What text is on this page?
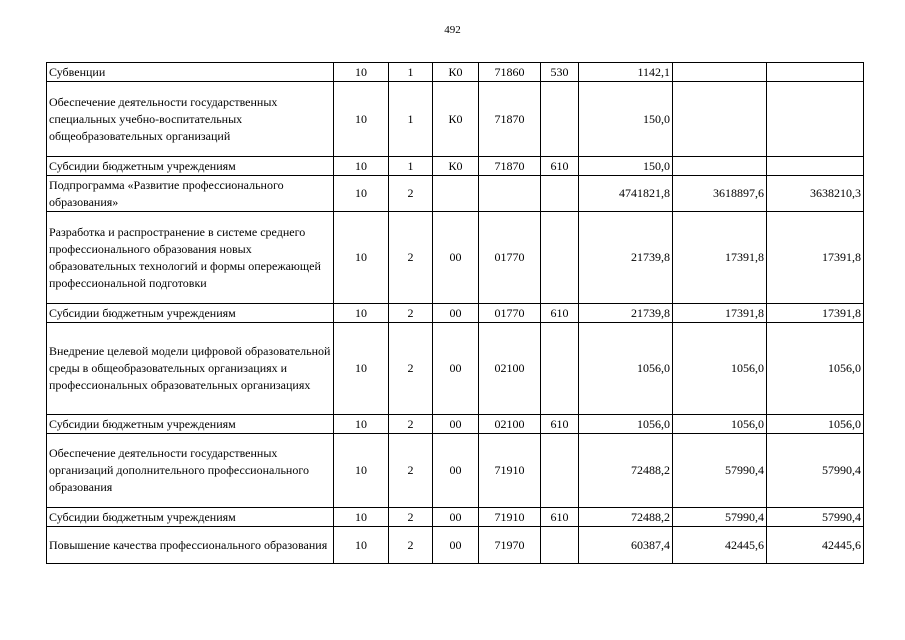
492
Субвенции	10	1	К0	71860	530	1142,1		
Обеспечение деятельности государственных специальных учебно-воспитательных общеобразовательных организаций	10	1	К0	71870		150,0		
Субсидии бюджетным учреждениям	10	1	К0	71870	610	150,0		
Подпрограмма «Развитие профессионального образования»	10	2				4741821,8	3618897,6	3638210,3
Разработка и распространение в системе среднего профессионального образования новых образовательных технологий и формы опережающей профессиональной подготовки	10	2	00	01770		21739,8	17391,8	17391,8
Субсидии бюджетным учреждениям	10	2	00	01770	610	21739,8	17391,8	17391,8
Внедрение целевой модели цифровой образовательной среды в общеобразовательных организациях и профессиональных образовательных организациях	10	2	00	02100		1056,0	1056,0	1056,0
Субсидии бюджетным учреждениям	10	2	00	02100	610	1056,0	1056,0	1056,0
Обеспечение деятельности государственных организаций дополнительного профессионального образования	10	2	00	71910		72488,2	57990,4	57990,4
Субсидии бюджетным учреждениям	10	2	00	71910	610	72488,2	57990,4	57990,4
Повышение качества профессионального образования	10	2	00	71970		60387,4	42445,6	42445,6
